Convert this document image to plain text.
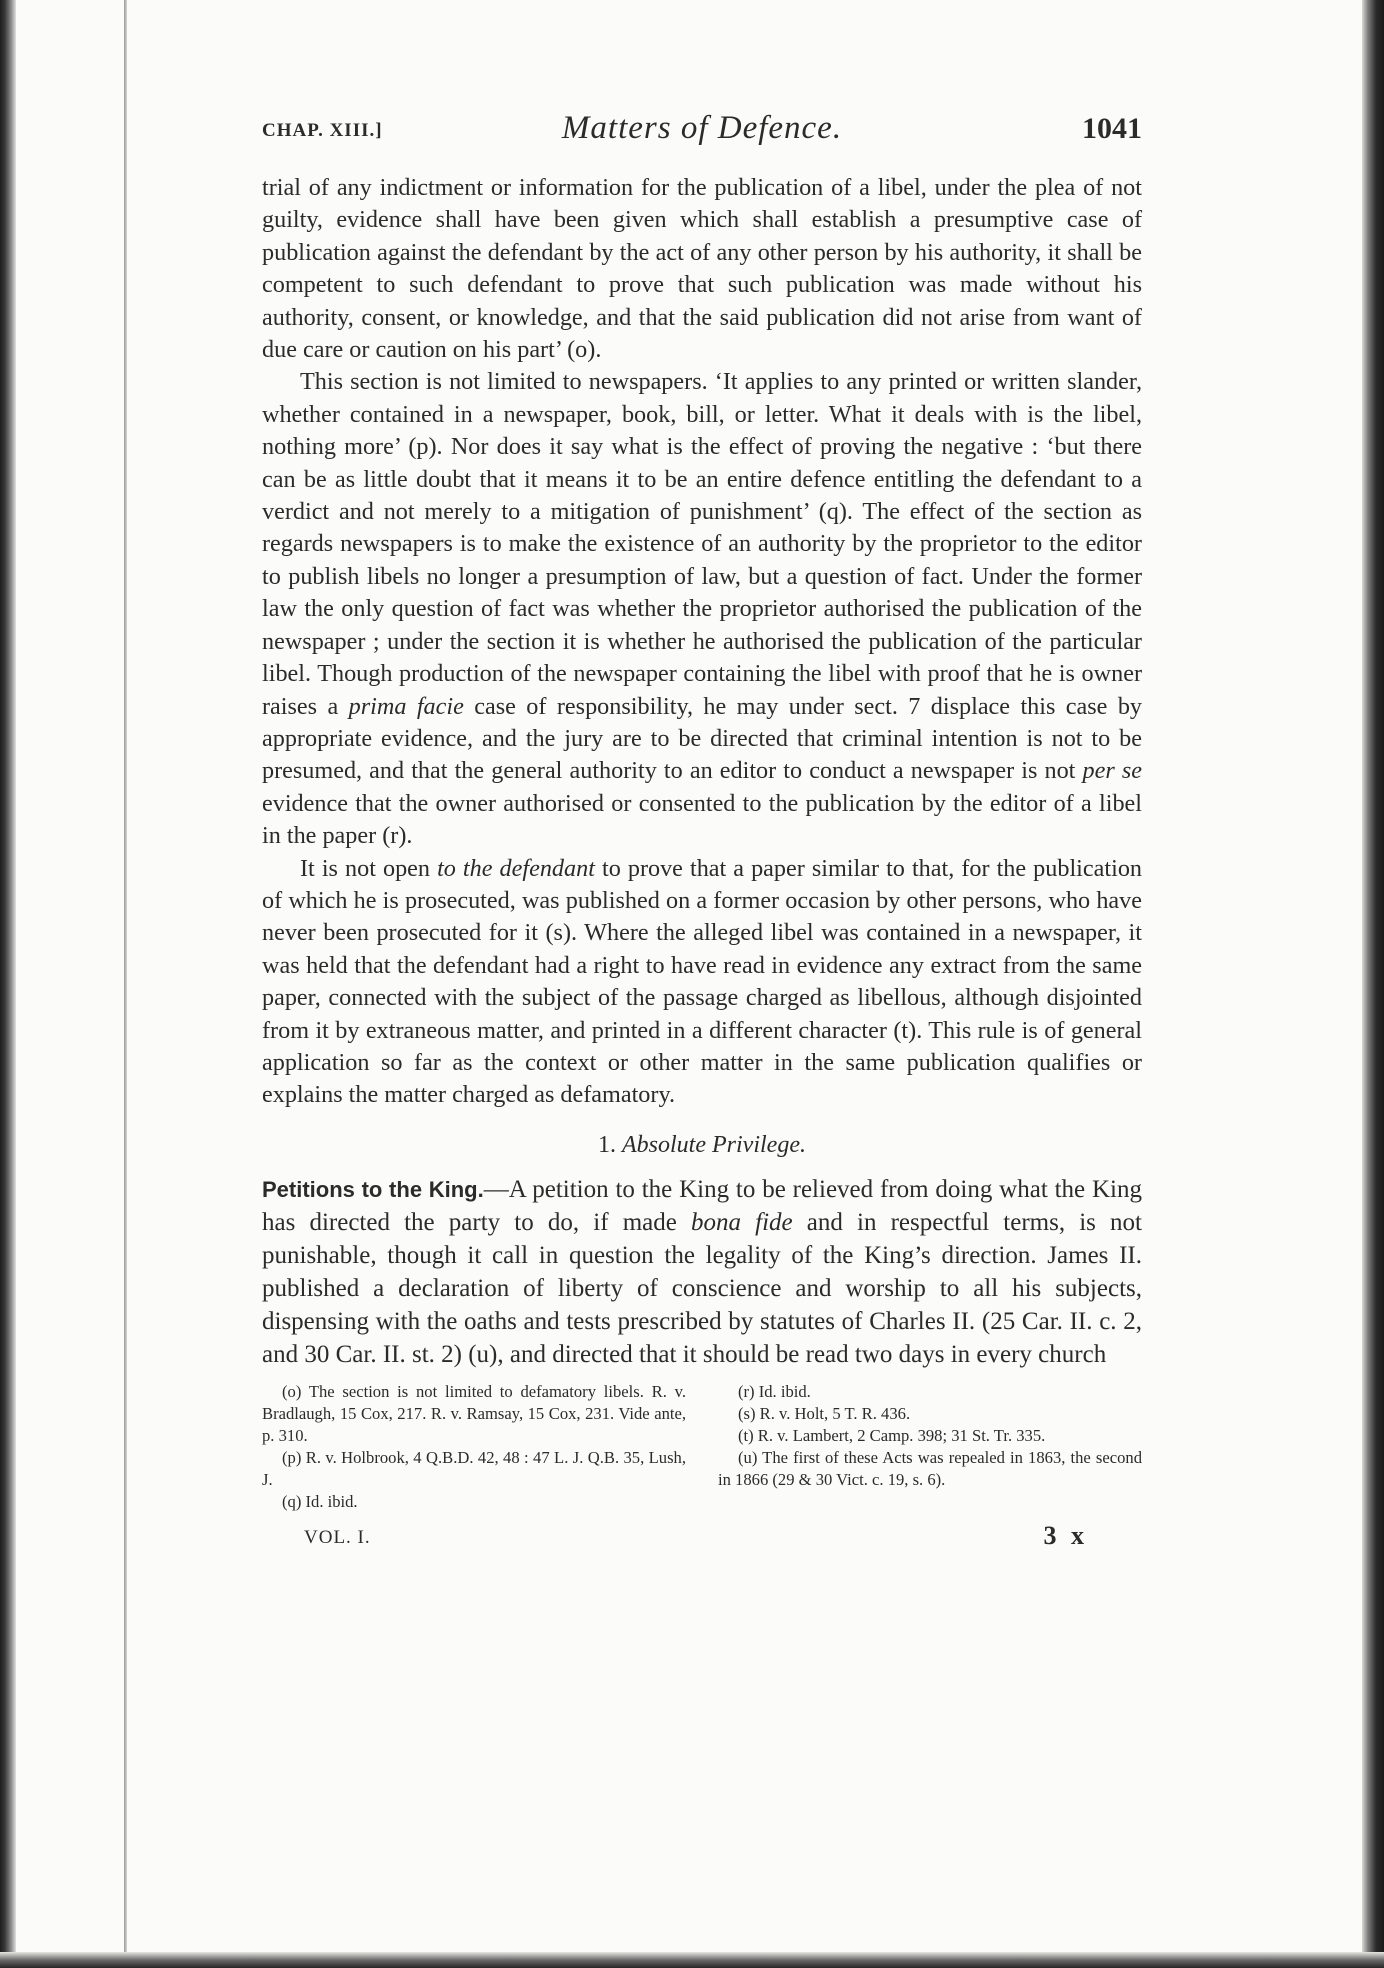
CHAP. XIII.]	Matters of Defence.	1041

trial of any indictment or information for the publication of a libel, under the plea of not guilty, evidence shall have been given which shall establish a presumptive case of publication against the defendant by the act of any other person by his authority, it shall be competent to such defendant to prove that such publication was made without his authority, consent, or knowledge, and that the said publication did not arise from want of due care or caution on his part’ (o).

This section is not limited to newspapers. ‘It applies to any printed or written slander, whether contained in a newspaper, book, bill, or letter. What it deals with is the libel, nothing more’ (p). Nor does it say what is the effect of proving the negative : ‘but there can be as little doubt that it means it to be an entire defence entitling the defendant to a verdict and not merely to a mitigation of punishment’ (q). The effect of the section as regards newspapers is to make the existence of an authority by the proprietor to the editor to publish libels no longer a presumption of law, but a question of fact. Under the former law the only question of fact was whether the proprietor authorised the publication of the newspaper ; under the section it is whether he authorised the publication of the particular libel. Though production of the newspaper containing the libel with proof that he is owner raises a prima facie case of responsibility, he may under sect. 7 displace this case by appropriate evidence, and the jury are to be directed that criminal intention is not to be presumed, and that the general authority to an editor to conduct a newspaper is not per se evidence that the owner authorised or consented to the publication by the editor of a libel in the paper (r).

It is not open to the defendant to prove that a paper similar to that, for the publication of which he is prosecuted, was published on a former occasion by other persons, who have never been prosecuted for it (s). Where the alleged libel was contained in a newspaper, it was held that the defendant had a right to have read in evidence any extract from the same paper, connected with the subject of the passage charged as libellous, although disjointed from it by extraneous matter, and printed in a different character (t). This rule is of general application so far as the context or other matter in the same publication qualifies or explains the matter charged as defamatory.

1. Absolute Privilege.

Petitions to the King.—A petition to the King to be relieved from doing what the King has directed the party to do, if made bona fide and in respectful terms, is not punishable, though it call in question the legality of the King’s direction. James II. published a declaration of liberty of conscience and worship to all his subjects, dispensing with the oaths and tests prescribed by statutes of Charles II. (25 Car. II. c. 2, and 30 Car. II. st. 2) (u), and directed that it should be read two days in every church

(o) The section is not limited to defamatory libels. R. v. Bradlaugh, 15 Cox, 217. R. v. Ramsay, 15 Cox, 231. Vide ante, p. 310.

(p) R. v. Holbrook, 4 Q.B.D. 42, 48 : 47 L. J. Q.B. 35, Lush, J.

(q) Id. ibid.

(r) Id. ibid.

(s) R. v. Holt, 5 T. R. 436.

(t) R. v. Lambert, 2 Camp. 398; 31 St. Tr. 335.

(u) The first of these Acts was repealed in 1863, the second in 1866 (29 & 30 Vict. c. 19, s. 6).

VOL. I.	3 x
